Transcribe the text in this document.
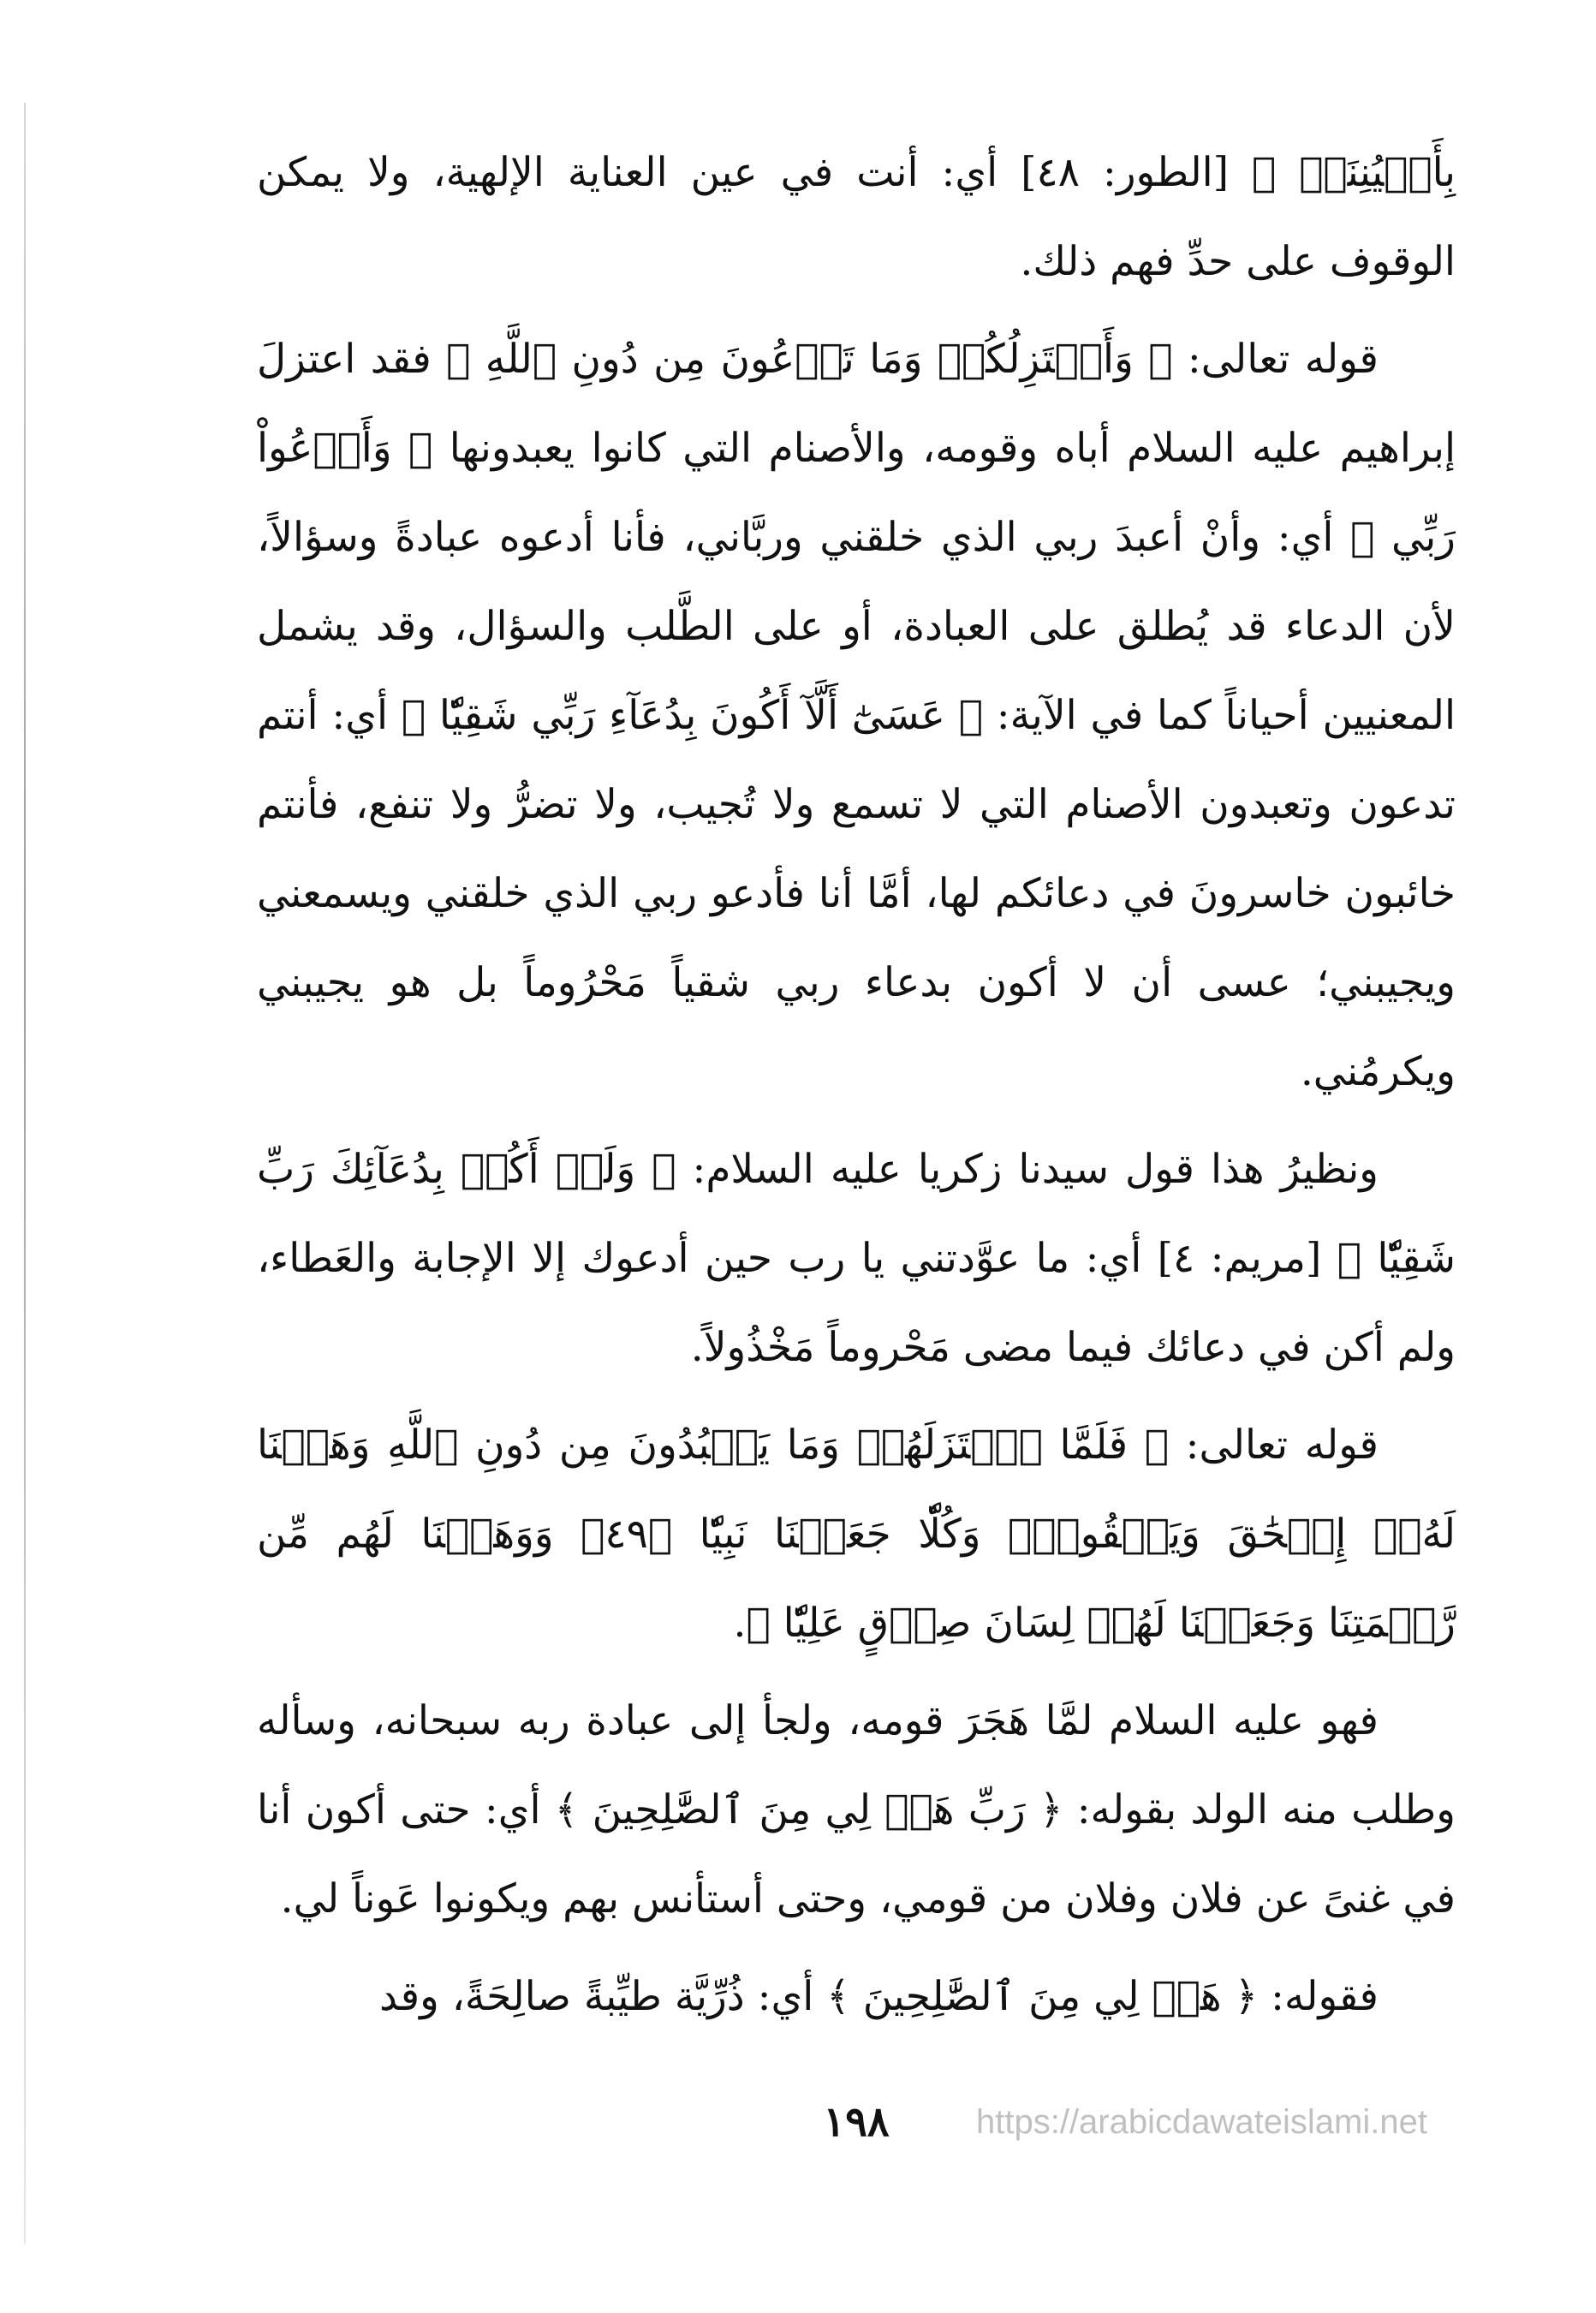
بِأَعۡيُنِنَاۖ ﴾ [الطور: ٤٨] أي: أنت في عين العناية الإلهية، ولا يمكن الوقوف على حدِّ فهم ذلك.

قوله تعالى: ﴿ وَأَعۡتَزِلُكُمۡ وَمَا تَدۡعُونَ مِن دُونِ ٱللَّهِ ﴾ فقد اعتزلَ إبراهيم عليه السلام أباه وقومه، والأصنام التي كانوا يعبدونها ﴿ وَأَدۡعُواْ رَبِّي ﴾ أي: وأنْ أعبدَ ربي الذي خلقني وربَّاني، فأنا أدعوه عبادةً وسؤالاً، لأن الدعاء قد يُطلق على العبادة، أو على الطَّلب والسؤال، وقد يشمل المعنيين أحياناً كما في الآية: ﴿ عَسَىٰٓ أَلَّآ أَكُونَ بِدُعَآءِ رَبِّي شَقِيّٗا ﴾ أي: أنتم تدعون وتعبدون الأصنام التي لا تسمع ولا تُجيب، ولا تضرُّ ولا تنفع، فأنتم خائبون خاسرونَ في دعائكم لها، أمَّا أنا فأدعو ربي الذي خلقني ويسمعني ويجيبني؛ عسى أن لا أكون بدعاء ربي شقياً مَحْرُوماً بل هو يجيبني ويكرمُني.

ونظيرُ هذا قول سيدنا زكريا عليه السلام: ﴿ وَلَمۡ أَكُنۢ بِدُعَآئِكَ رَبِّ شَقِيّٗا ﴾ [مريم: ٤] أي: ما عوَّدتني يا رب حين أدعوك إلا الإجابة والعَطاء، ولم أكن في دعائك فيما مضى مَحْروماً مَخْذُولاً.

قوله تعالى: ﴿ فَلَمَّا ٱعۡتَزَلَهُمۡ وَمَا يَعۡبُدُونَ مِن دُونِ ٱللَّهِ وَهَبۡنَا لَهُۥٓ إِسۡحَٰقَ وَيَعۡقُوبَۖ وَكُلّٗا جَعَلۡنَا نَبِيّٗا ﴿٤٩﴾ وَوَهَبۡنَا لَهُم مِّن رَّحۡمَتِنَا وَجَعَلۡنَا لَهُمۡ لِسَانَ صِدۡقٍ عَلِيّٗا ﴾.

فهو عليه السلام لمَّا هَجَرَ قومه، ولجأ إلى عبادة ربه سبحانه، وسأله وطلب منه الولد بقوله: ﴿ رَبِّ هَبۡ لِي مِنَ ٱلصَّٰلِحِينَ ﴾ أي: حتى أكون أنا في غنىً عن فلان وفلان من قومي، وحتى أستأنس بهم ويكونوا عَوناً لي.

فقوله: ﴿ هَبۡ لِي مِنَ ٱلصَّٰلِحِينَ ﴾ أي: ذُرِّيَّة طيِّبةً صالِحَةً، وقد

١٩٨	https://arabicdawateislami.net
